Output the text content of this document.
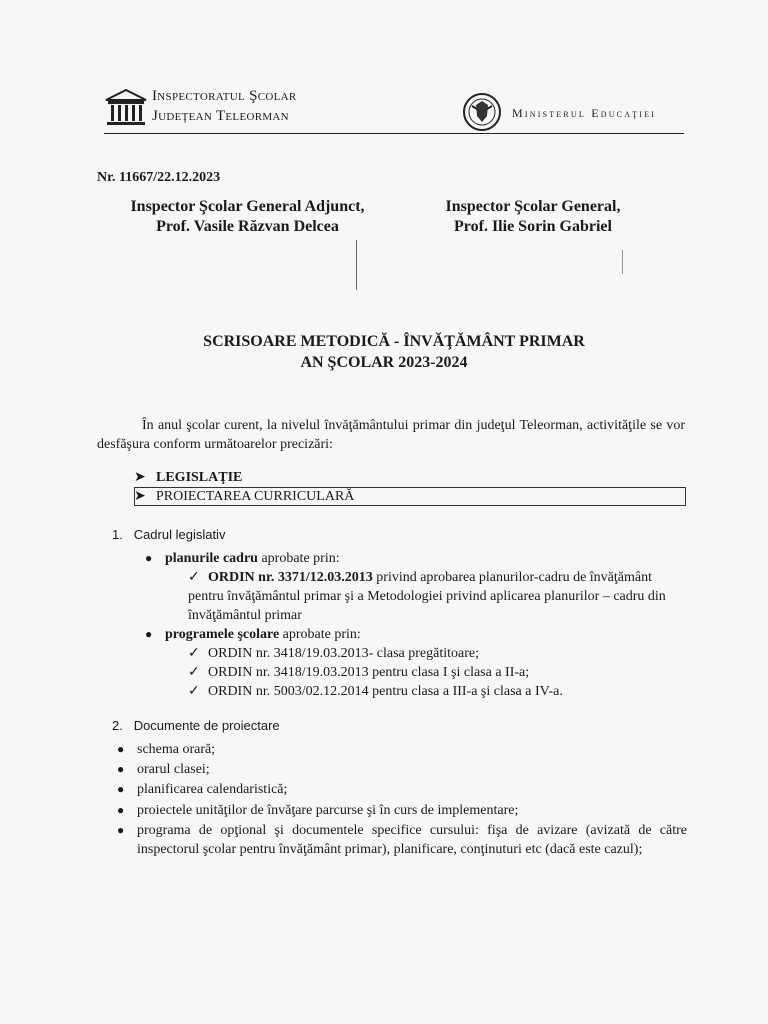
Inspectoratul Şcolar
Judeţean Teleorman	Ministerul Educaţiei
Nr. 11667/22.12.2023
Inspector Şcolar General Adjunct,
Prof. Vasile Răzvan Delcea
Inspector Şcolar General,
Prof. Ilie Sorin Gabriel
SCRISOARE METODICĂ - ÎNVĂŢĂMÂNT PRIMAR
AN ŞCOLAR 2023-2024
În anul şcolar curent, la nivelul învăţământului primar din judeţul Teleorman, activităţile se vor desfăşura conform următoarelor precizări:
➤ LEGISLAŢIE
➤ PROIECTAREA CURRICULARĂ
1. Cadrul legislativ
● planurile cadru aprobate prin:
✓ ORDIN nr. 3371/12.03.2013 privind aprobarea planurilor-cadru de învăţământ pentru învăţământul primar şi a Metodologiei privind aplicarea planurilor – cadru din învăţământul primar
● programele şcolare aprobate prin:
✓ ORDIN nr. 3418/19.03.2013- clasa pregătitoare;
✓ ORDIN nr. 3418/19.03.2013 pentru clasa I şi clasa a II-a;
✓ ORDIN nr. 5003/02.12.2014 pentru clasa a III-a şi clasa a IV-a.
2. Documente de proiectare
● schema orară;
● orarul clasei;
● planificarea calendaristică;
● proiectele unităţilor de învăţare parcurse şi în curs de implementare;
● programa de opţional şi documentele specifice cursului: fişa de avizare (avizată de către inspectorul şcolar pentru învăţământ primar), planificare, conţinuturi etc (dacă este cazul);
